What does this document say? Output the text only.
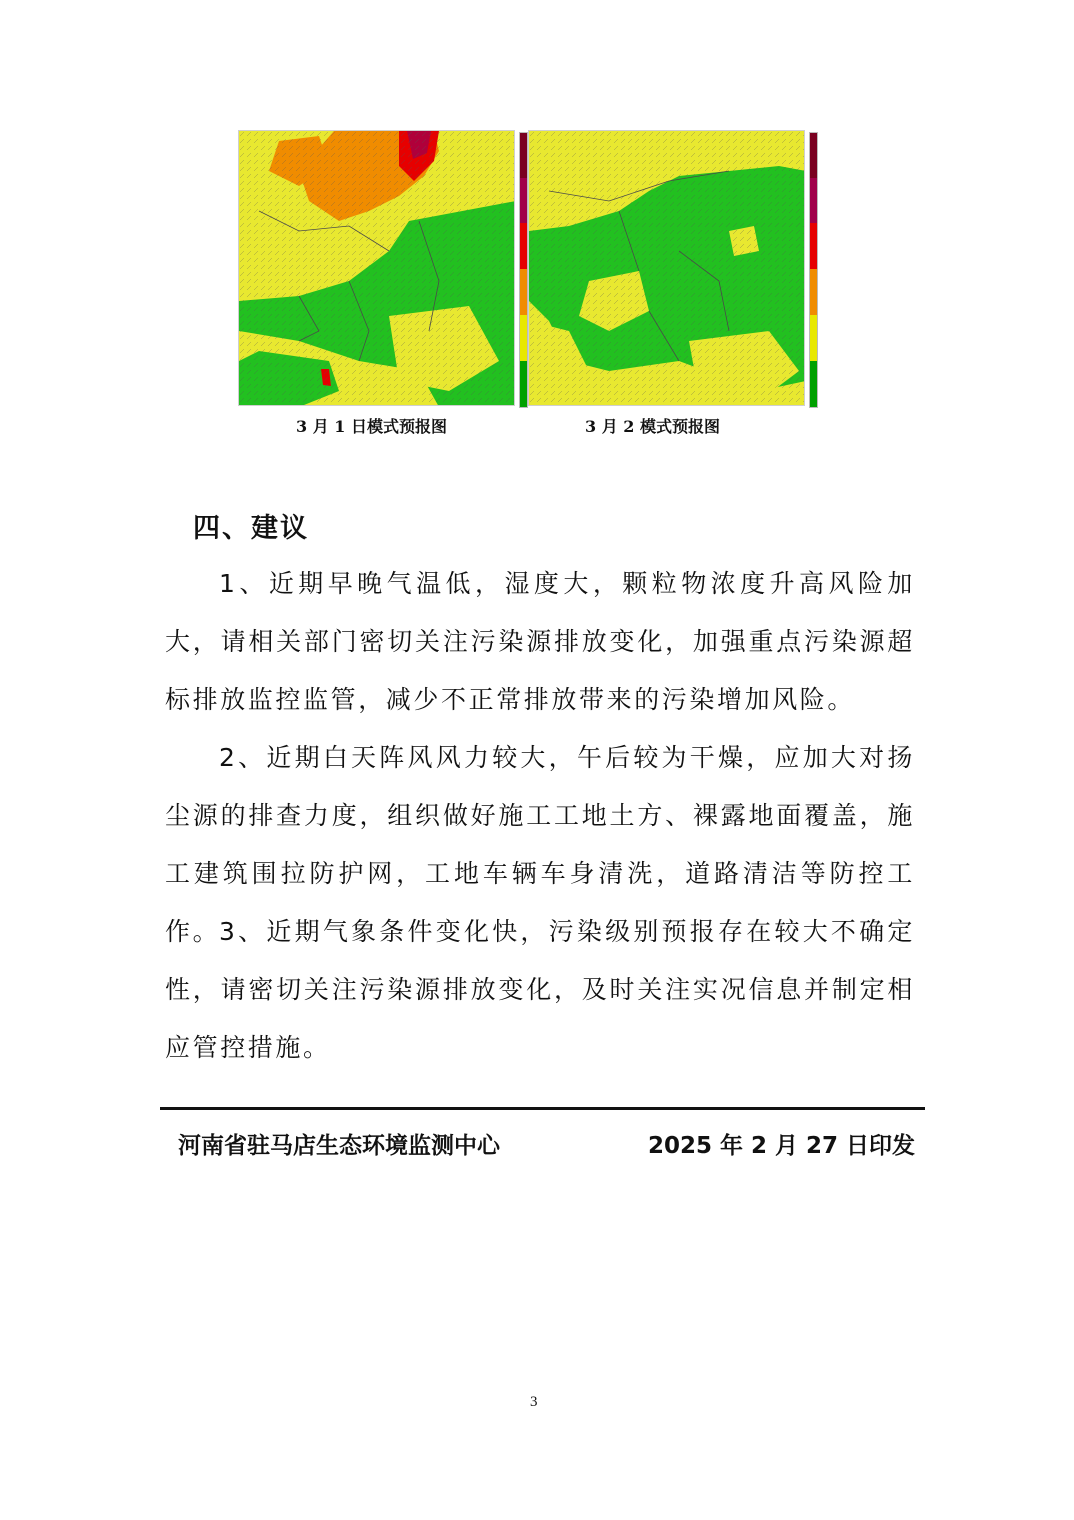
3 月 1 日模式预报图	3 月 2 模式预报图
四、建议
1、近期早晚气温低，湿度大，颗粒物浓度升高风险加大，请相关部门密切关注污染源排放变化，加强重点污染源超标排放监控监管，减少不正常排放带来的污染增加风险。
2、近期白天阵风风力较大，午后较为干燥，应加大对扬尘源的排查力度，组织做好施工工地土方、裸露地面覆盖，施工建筑围拉防护网，工地车辆车身清洗，道路清洁等防控工作。
3、近期气象条件变化快，污染级别预报存在较大不确定性，请密切关注污染源排放变化，及时关注实况信息并制定相应管控措施。
河南省驻马店生态环境监测中心	2025 年 2 月 27 日印发
3
